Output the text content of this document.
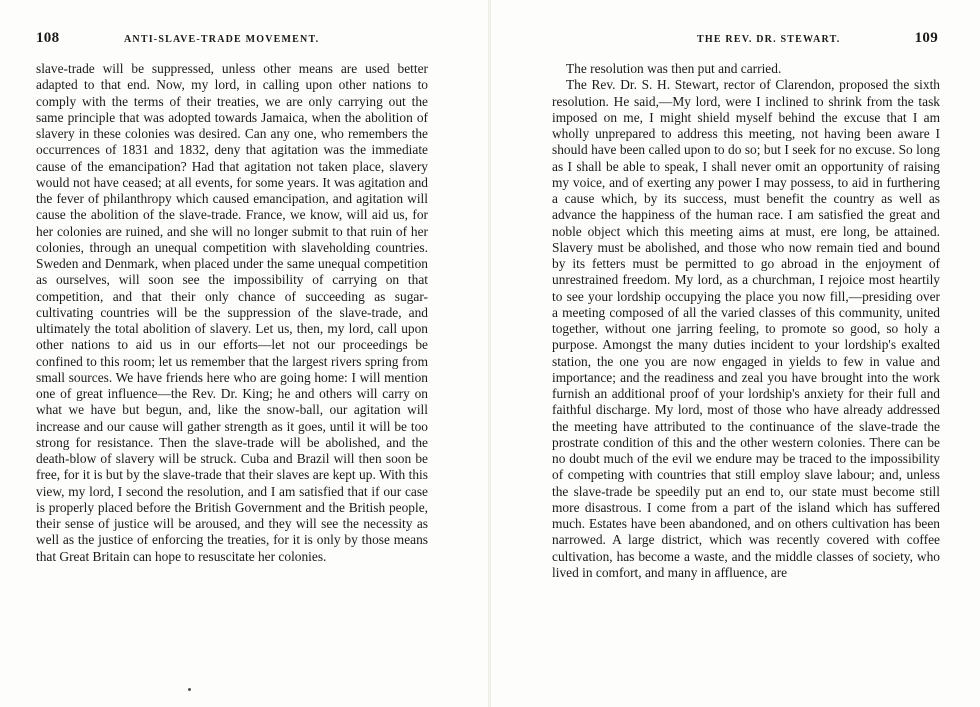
108	ANTI-SLAVE-TRADE MOVEMENT.

slave-trade will be suppressed, unless other means are used better adapted to that end. Now, my lord, in calling upon other nations to comply with the terms of their treaties, we are only carrying out the same principle that was adopted towards Jamaica, when the abolition of slavery in these colonies was desired. Can any one, who remembers the occurrences of 1831 and 1832, deny that agitation was the immediate cause of the emancipation? Had that agitation not taken place, slavery would not have ceased; at all events, for some years. It was agitation and the fever of philanthropy which caused emancipation, and agitation will cause the abolition of the slave-trade. France, we know, will aid us, for her colonies are ruined, and she will no longer submit to that ruin of her colonies, through an unequal competition with slaveholding countries. Sweden and Denmark, when placed under the same unequal competition as ourselves, will soon see the impossibility of carrying on that competition, and that their only chance of succeeding as sugar-cultivating countries will be the suppression of the slave-trade, and ultimately the total abolition of slavery. Let us, then, my lord, call upon other nations to aid us in our efforts—let not our proceedings be confined to this room; let us remember that the largest rivers spring from small sources. We have friends here who are going home: I will mention one of great influence—the Rev. Dr. King; he and others will carry on what we have but begun, and, like the snow-ball, our agitation will increase and our cause will gather strength as it goes, until it will be too strong for resistance. Then the slave-trade will be abolished, and the death-blow of slavery will be struck. Cuba and Brazil will then soon be free, for it is but by the slave-trade that their slaves are kept up. With this view, my lord, I second the resolution, and I am satisfied that if our case is properly placed before the British Government and the British people, their sense of justice will be aroused, and they will see the necessity as well as the justice of enforcing the treaties, for it is only by those means that Great Britain can hope to resuscitate her colonies.

THE REV. DR. STEWART.	109

The resolution was then put and carried.

The Rev. Dr. S. H. Stewart, rector of Clarendon, proposed the sixth resolution. He said,—My lord, were I inclined to shrink from the task imposed on me, I might shield myself behind the excuse that I am wholly unprepared to address this meeting, not having been aware I should have been called upon to do so; but I seek for no excuse. So long as I shall be able to speak, I shall never omit an opportunity of raising my voice, and of exerting any power I may possess, to aid in furthering a cause which, by its success, must benefit the country as well as advance the happiness of the human race. I am satisfied the great and noble object which this meeting aims at must, ere long, be attained. Slavery must be abolished, and those who now remain tied and bound by its fetters must be permitted to go abroad in the enjoyment of unrestrained freedom. My lord, as a churchman, I rejoice most heartily to see your lordship occupying the place you now fill,—presiding over a meeting composed of all the varied classes of this community, united together, without one jarring feeling, to promote so good, so holy a purpose. Amongst the many duties incident to your lordship's exalted station, the one you are now engaged in yields to few in value and importance; and the readiness and zeal you have brought into the work furnish an additional proof of your lordship's anxiety for their full and faithful discharge. My lord, most of those who have already addressed the meeting have attributed to the continuance of the slave-trade the prostrate condition of this and the other western colonies. There can be no doubt much of the evil we endure may be traced to the impossibility of competing with countries that still employ slave labour; and, unless the slave-trade be speedily put an end to, our state must become still more disastrous. I come from a part of the island which has suffered much. Estates have been abandoned, and on others cultivation has been narrowed. A large district, which was recently covered with coffee cultivation, has become a waste, and the middle classes of society, who lived in comfort, and many in affluence, are
